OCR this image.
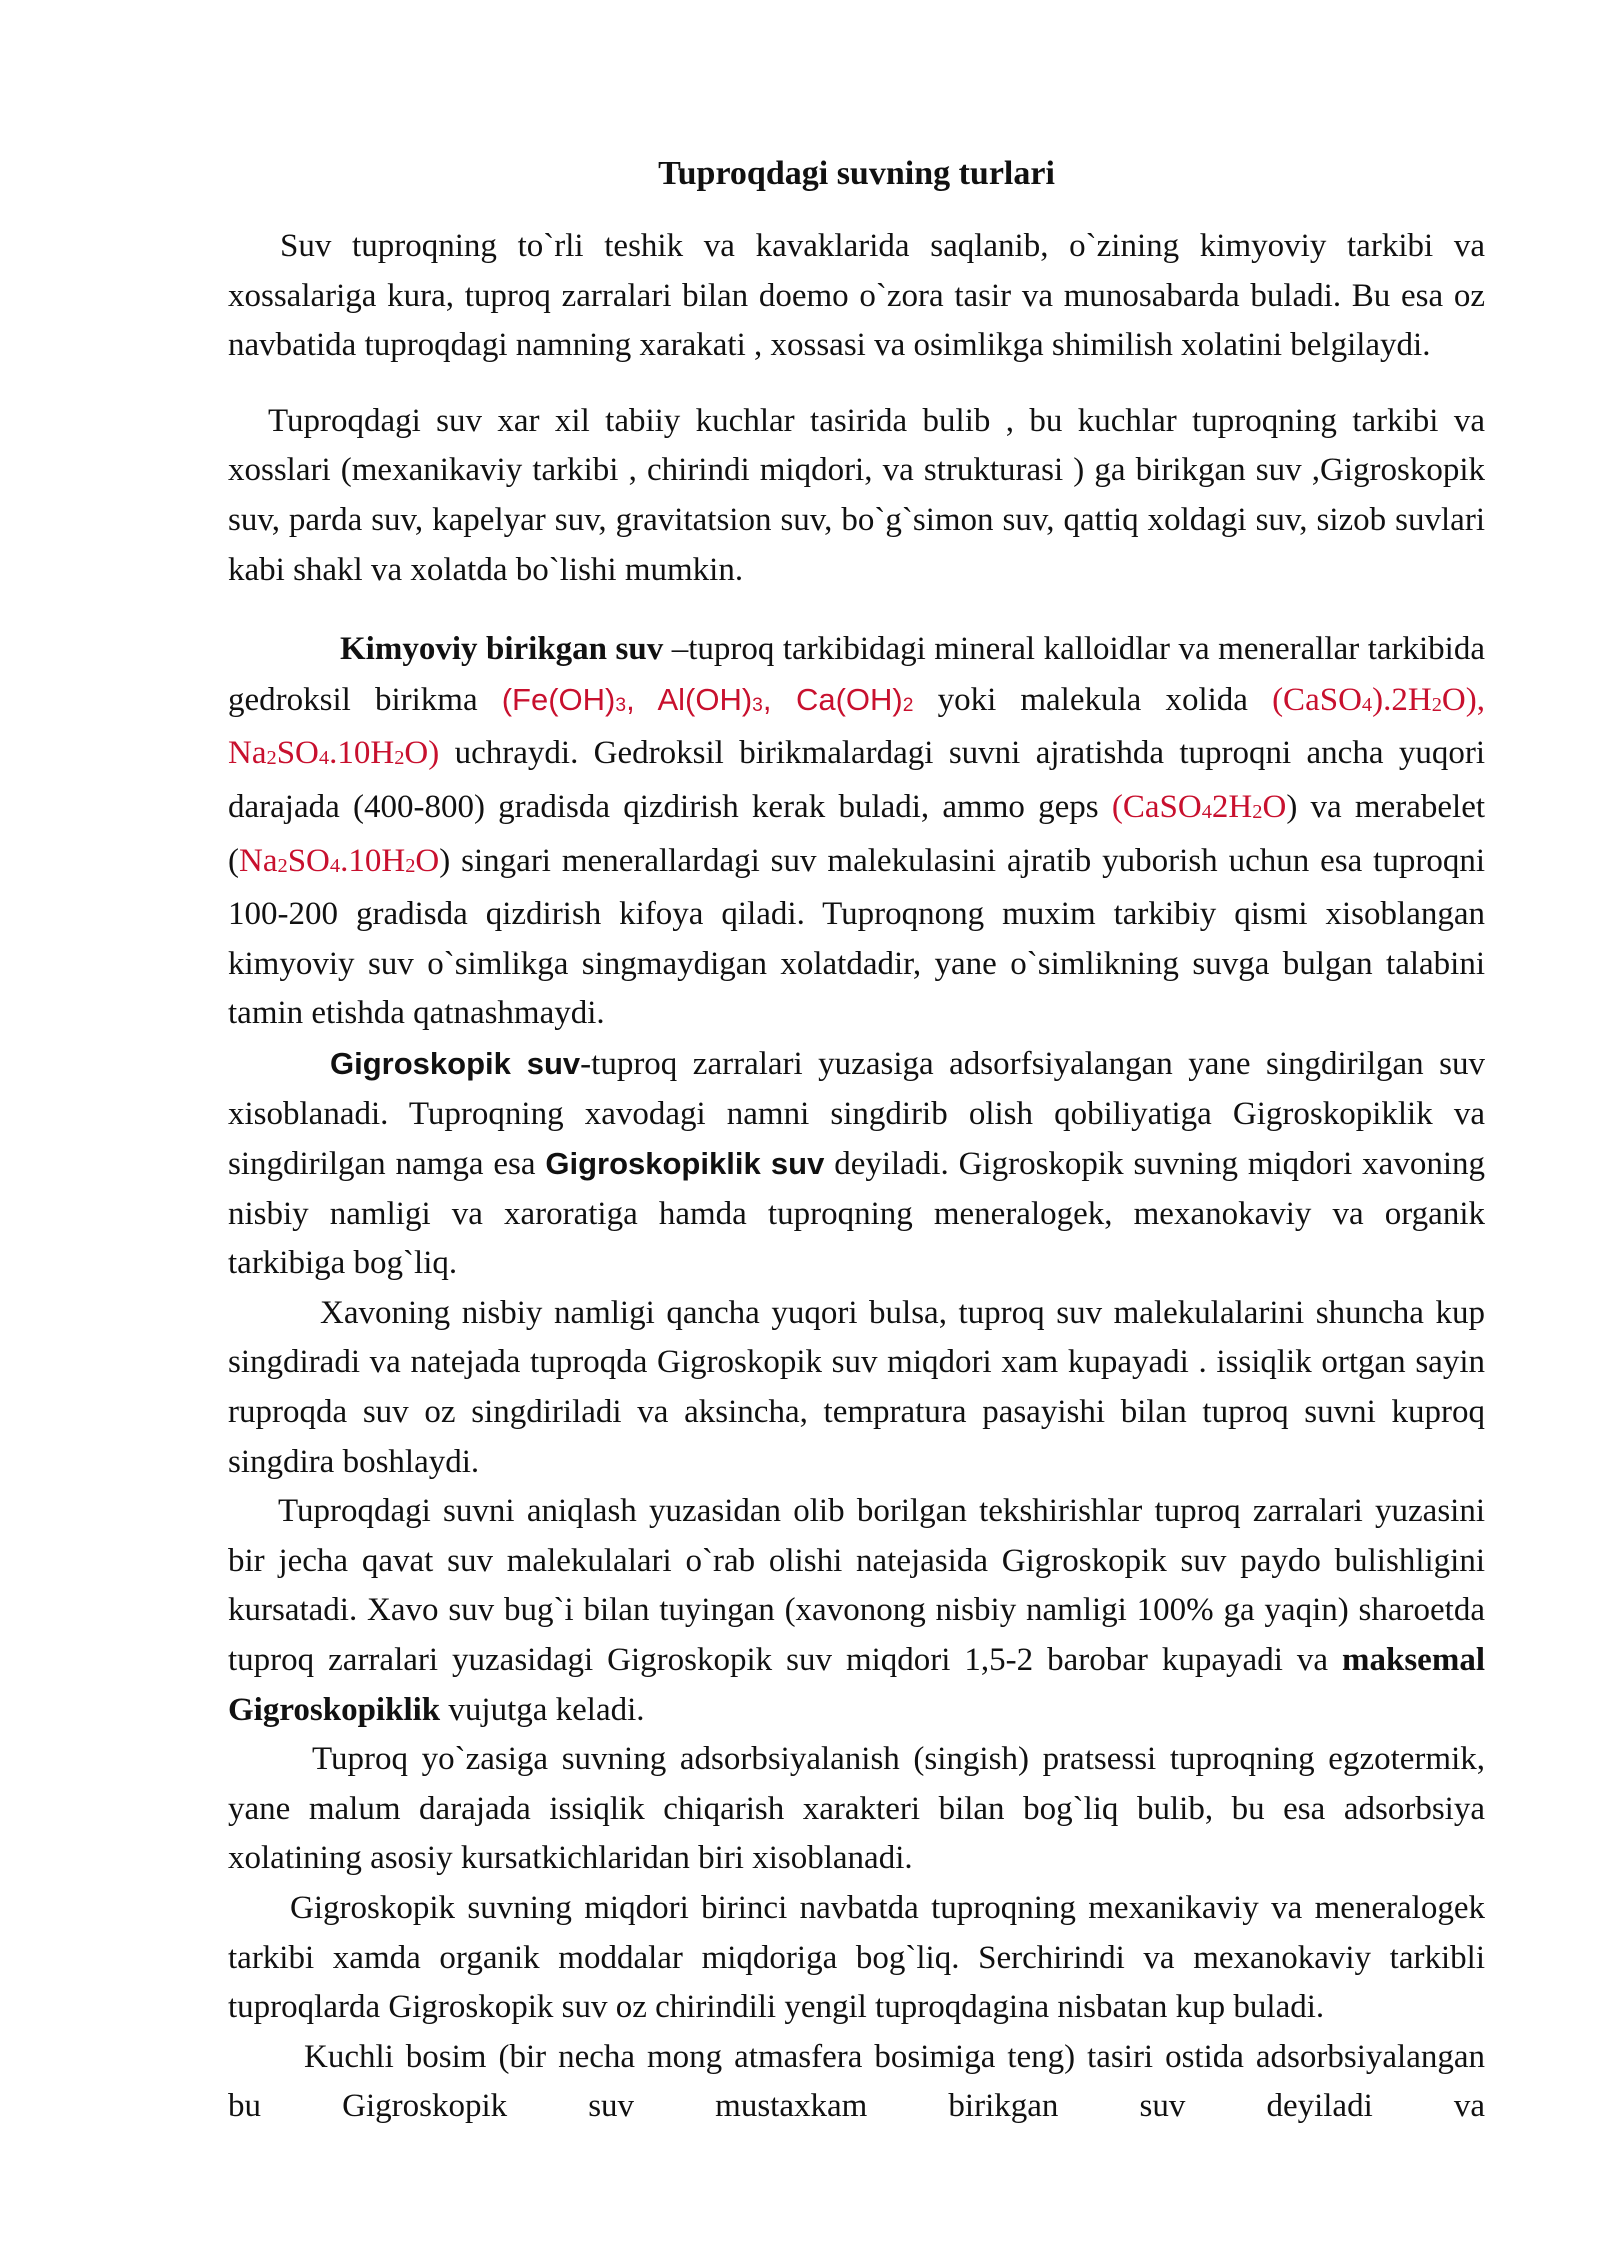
Tuproqdagi suvning turlari

Suv tuproqning to`rli teshik va kavaklarida saqlanib, o`zining kimyoviy tarkibi va xossalariga kura, tuproq zarralari bilan doemo o`zora tasir va munosabarda buladi. Bu esa oz navbatida tuproqdagi namning xarakati , xossasi va osimlikga shimilish xolatini belgilaydi.

Tuproqdagi suv xar xil tabiiy kuchlar tasirida bulib , bu kuchlar tuproqning tarkibi va xosslari (mexanikaviy tarkibi , chirindi miqdori, va strukturasi ) ga birikgan suv ,Gigroskopik suv, parda suv, kapelyar suv, gravitatsion suv, bo`g`simon suv, qattiq xoldagi suv, sizob suvlari kabi shakl va xolatda bo`lishi mumkin.

Kimyoviy birikgan suv –tuproq tarkibidagi mineral kalloidlar va menerallar tarkibida gedroksil birikma ($Fe(OH)_3$, $Al(OH)_3$, $Ca(OH)_2$ yoki malekula xolida $(CaSO_4).2H_2O$), $Na_2SO_4.10H_2O$) uchraydi. Gedroksil birikmalardagi suvni ajratishda tuproqni ancha yuqori darajada (400-800) gradisda qizdirish kerak buladi, ammo geps $(CaSO_42H_2O)$ va merabelet $(Na_2SO_4.10H_2O)$ singari menerallardagi suv malekulasini ajratib yuborish uchun esa tuproqni 100-200 gradisda qizdirish kifoya qiladi. Tuproqnong muxim tarkibiy qismi xisoblangan kimyoviy suv o`simlikga singmaydigan xolatdadir, yane o`simlikning suvga bulgan talabini tamin etishda qatnashmaydi.

Gigroskopik suv-tuproq zarralari yuzasiga adsorfsiyalangan yane singdirilgan suv xisoblanadi. Tuproqning xavodagi namni singdirib olish qobiliyatiga Gigroskopiklik va singdirilgan namga esa Gigroskopiklik suv deyiladi. Gigroskopik suvning miqdori xavoning nisbiy namligi va xaroratiga hamda tuproqning meneralogek, mexanokaviy va organik tarkibiga bog`liq.

Xavoning nisbiy namligi qancha yuqori bulsa, tuproq suv malekulalarini shuncha kup singdiradi va natejada tuproqda Gigroskopik suv miqdori xam kupayadi . issiqlik ortgan sayin ruproqda suv oz singdiriladi va aksincha, tempratura pasayishi bilan tuproq suvni kuproq singdira boshlaydi.

Tuproqdagi suvni aniqlash yuzasidan olib borilgan tekshirishlar tuproq zarralari yuzasini bir jecha qavat suv malekulalari o`rab olishi natejasida Gigroskopik suv paydo bulishligini kursatadi. Xavo suv bug`i bilan tuyingan (xavonong nisbiy namligi 100% ga yaqin) sharoetda tuproq zarralari yuzasidagi Gigroskopik suv miqdori 1,5-2 barobar kupayadi va maksemal Gigroskopiklik vujutga keladi.

Tuproq yo`zasiga suvning adsorbsiyalanish (singish) pratsessi tuproqning egzotermik, yane malum darajada issiqlik chiqarish xarakteri bilan bog`liq bulib, bu esa adsorbsiya xolatining asosiy kursatkichlaridan biri xisoblanadi.

Gigroskopik suvning miqdori birinci navbatda tuproqning mexanikaviy va meneralogek tarkibi xamda organik moddalar miqdoriga bog`liq. Serchirindi va mexanokaviy tarkibli tuproqlarda Gigroskopik suv oz chirindili yengil tuproqdagina nisbatan kup buladi.

Kuchli bosim (bir necha mong atmasfera bosimiga teng) tasiri ostida adsorbsiyalangan bu Gigroskopik suv mustaxkam birikgan suv deyiladi va
